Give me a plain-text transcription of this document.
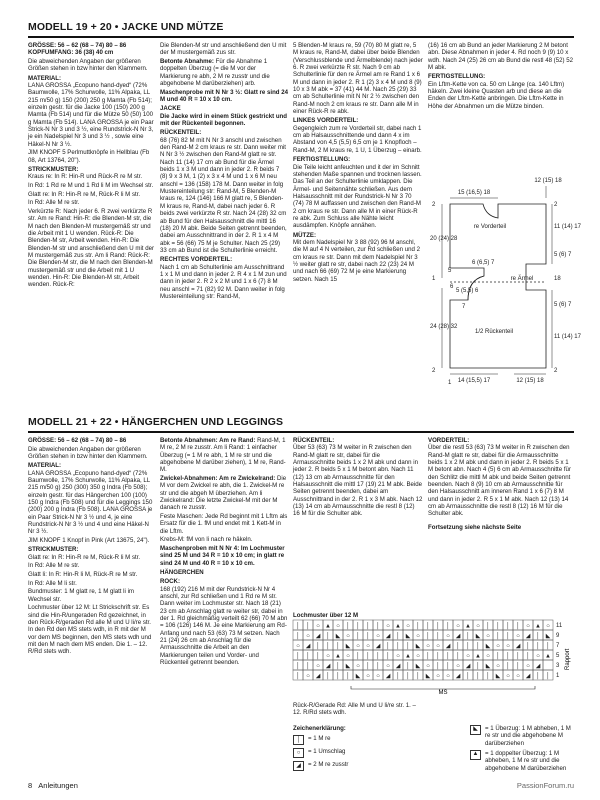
MODELL 19 + 20 • JACKE UND MÜTZE

GRÖSSE: 56 – 62 (68 – 74) 80 – 86
KOPFUMFANG: 36 (38) 40 cm

Die abweichenden Angaben der größeren Größen stehen in bzw hinter den Klammern.

MATERIAL:

LANA GROSSA „Ecopuno hand-dyed“ (72% Baumwolle, 17% Schurwolle, 11% Alpaka, LL 215 m/50 g) 150 (200) 250 g Mamta (Fb 514); einzeln gestr. für die Jacke 100 (150) 200 g Mamta (Fb 514) und für die Mütze 50 (50) 100 g Mamta (Fb 514). LANA GROSSA je ein Paar Strick-N Nr 3 und 3 ½, eine Rundstrick-N Nr 3, je ein Nadelspiel Nr 3 und 3 ½ , sowie eine Häkel-N Nr 3 ½.

JIM KNOPF 5 Perlmuttknöpfe in Hellblau (Fb 08, Art 13764, 20").

STRICKMUSTER:

Kraus re: In R: Hin-R und Rück-R re M str.

In Rd: 1 Rd re M und 1 Rd li M im Wechsel str.

Glatt re: In R: Hin-R re M, Rück-R li M str.

In Rd: Alle M re str.

Verkürzte R: Nach jeder 6. R zwei verkürzte R str. Am re Rand: Hin-R: die Blenden-M str, die M nach den Blenden-M mustergemäß str und die Arbeit mit 1 U wenden. Rück-R: Die Blenden-M str, Arbeit wenden. Hin-R: Die Blenden-M str und anschließend den U mit der M mustergemäß zus str. Am li Rand: Rück-R: Die Blenden-M str, die M nach den Blenden-M mustergemäß str und die Arbeit mit 1 U wenden. Hin-R: Die Blenden-M str, Arbeit wenden. Rück-R:

Die Blenden-M str und anschließend den U mit der M mustergemäß zus str.

Betonte Abnahme: Für die Abnahme 1 doppelten Überzug (= die M vor der Markierung re abh, 2 M re zusstr und die abgehobene M darüberziehen) arb.

Maschenprobe mit N Nr 3 ½: Glatt re sind 24 M und 40 R = 10 x 10 cm.

JACKE

Die Jacke wird in einem Stück gestrickt und mit der Rückenteil begonnen.

RÜCKENTEIL:

68 (76) 82 M mit N Nr 3 anschl und zwischen den Rand-M 2 cm kraus re str. Dann weiter mit N Nr 3 ½ zwischen den Rand-M glatt re str. Nach 11 (14) 17 cm ab Bund für die Ärmel beids 1 x 3 M und dann in jeder 2. R beids 7 (8) 9 x 3 M, 1 (2) x 3 x 4 M und 1 x 6 M neu anschl = 136 (158) 178 M. Dann weiter in folg Mustereinteilung str: Rand-M, 5 Blenden-M kraus re, 124 (146) 166 M glatt re, 5 Blenden-M kraus re, Rand-M, dabei nach jeder 6. R beids zwei verkürzte R str. Nach 24 (28) 32 cm ab Bund für den Halsausschnitt die mittl 16 (18) 20 M abk. Beide Seiten getrennt beenden, dabei am Ausschnittrand in der 2. R 1 x 4 M abk = 56 (66) 75 M je Schulter. Nach 25 (29) 33 cm ab Bund ist die Schulterlinie erreicht.

RECHTES VORDERTEIL:

Nach 1 cm ab Schulterlinie am Ausschnittrand 1 x 1 M und dann in jeder 2. R 4 x 1 M zun und dann in jeder 2. R 2 x 2 M und 1 x 6 (7) 8 M neu anschl = 71 (82) 92 M. Dann weiter in folg Mustereinteilung str: Rand-M,

5 Blenden-M kraus re, 59 (70) 80 M glatt re, 5 M kraus re, Rand-M, dabei über beide Blenden (Verschlussblende und Ärmelblende) nach jeder 6. R zwei verkürzte R str. Nach 9 cm ab Schulterlinie für den re Ärmel am re Rand 1 x 6 M und dann in jeder 2. R 1 (2) 3 x 4 M und 8 (9) 10 x 3 M abk = 37 (41) 44 M. Nach 25 (29) 33 cm ab Schulterlinie mit N Nr 2 ½ zwischen den Rand-M noch 2 cm kraus re str. Dann alle M in einer Rück-R re abk.

LINKES VORDERTEIL:

Gegengleich zum re Vorderteil str, dabei nach 1 cm ab Halsausschnittende und dann 4 x im Abstand von 4,5 (5,5) 6,5 cm je 1 Knopfloch – Rand-M, 2 M kraus re, 1 U, 1 Überzug – einarb.

FERTIGSTELLUNG:

Die Teile leicht anfeuchten und it der im Schnitt stehenden Maße spannen und trocknen lassen. Das Teil an der Schulterlinie umklappen. Die Ärmel- und Seitennähte schließen. Aus dem Halsausschnitt mit der Rundstrick-N Nr 3 70 (74) 78 M auffassen und zwischen den Rand-M 2 cm kraus re str. Dann alle M in einer Rück-R re abk. Zum Schluss alle Nähte leicht ausdämpfen. Knöpfe annähen.

MÜTZE:

Mit dem Nadelspiel Nr 3 88 (92) 96 M anschl, die M auf 4 N verteilen, zur Rd schließen und 2 cm kraus re str. Dann mit dem Nadelspiel Nr 3 ½ weiter glatt re str, dabei nach 22 (23) 24 M und nach 66 (69) 72 M je eine Markierung setzen. Nach 15

(16) 16 cm ab Bund an jeder Markierung 2 M betont abn. Diese Abnahmen in jeder 4. Rd noch 9 (9) 10 x wdh. Nach 24 (25) 26 cm ab Bund die restl 48 (52) 52 M abk.

FERTIGSTELLUNG:

Ein Lftm-Kette von ca. 50 cm Länge (ca. 140 Lftm) häkeln. Zwei kleine Quasten arb und diese an die Enden der Lftm-Kette anbringen. Die Lftm-Kette in Höhe der Abnahmen um die Mütze binden.

re Vorderteil
re Ärmel
1/2 Rückenteil
15 (16,5) 18
12 (15) 18
14 (15,5) 17	12 (15) 18
20 (24) 28
24 (28) 32
11 (14) 17
11 (14) 17
6 (6,5) 7
5 (5,5) 6
5 (6) 7
18
5 (6) 7
2	2
2	2
1
1
5
6
7
MODELL 21 + 22 • HÄNGERCHEN UND LEGGINGS

GRÖSSE: 56 – 62 (68 – 74) 80 – 86

Die abweichenden Angaben der größeren Größen stehen in bzw hinter den Klammern.

MATERIAL:

LANA GROSSA „Ecopuno hand-dyed“ (72% Baumwolle, 17% Schurwolle, 11% Alpaka, LL 215 m/50 g) 250 (300) 350 g Indra (Fb 508); einzeln gestr. für das Hängerchen 100 (100) 150 g Indra (Fb 508) und für die Leggings 150 (200) 200 g Indra (Fb 508). LANA GROSSA je ein Paar Strick-N Nr 3 ½ und 4, je eine Rundstrick-N Nr 3 ½ und 4 und eine Häkel-N Nr 3 ½.

JIM KNOPF 1 Knopf in Pink (Art 13675, 24").

STRICKMUSTER:

Glatt re: In R: Hin-R re M, Rück-R li M str.

In Rd: Alle M re str.

Glatt li: In R: Hin-R li M, Rück-R re M str.

In Rd: Alle M li str.

Bundmuster: 1 M glatt re, 1 M glatt li im Wechsel str.

Lochmuster über 12 M: Lt Strickschrift str. Es sind die Hin-R/ungeraden Rd gezeichnet, in den Rück-R/geraden Rd alle M und U li/re str. In den Rd den MS stets wdh, in R mit der M vor dem MS beginnen, den MS stets wdh und mit den M nach dem MS enden. Die 1. – 12. R/Rd stets wdh.

Betonte Abnahmen: Am re Rand: Rand-M, 1 M re, 2 M re zusstr. Am li Rand: 1 einfacher Überzug (= 1 M re abh, 1 M re str und die abgehobene M darüber ziehen), 1 M re, Rand-M.

Zwickel-Abnahmen: Am re Zwickelrand: Die M vor dem Zwickel re abh, die 1. Zwickel-M re str und die abgeh M überziehen. Am li Zwickelrand: Die letzte Zwickel-M mit der M danach re zusstr.

Feste Maschen: Jede Rd beginnt mit 1 Lftm als Ersatz für die 1. fM und endet mit 1 Kett-M in die Lftm.

Krebs-M: fM von li nach re häkeln.

Maschenproben mit N Nr 4: Im Lochmuster sind 25 M und 34 R = 10 x 10 cm; in glatt re sind 24 M und 40 R = 10 x 10 cm.

HÄNGERCHEN
ROCK:

168 (192) 216 M mit der Rundstrick-N Nr 4 anschl, zur Rd schließen und 1 Rd re M str. Dann weiter im Lochmuster str. Nach 18 (21) 23 cm ab Anschlag glatt re weiter str, dabei in der 1. Rd gleichmäßig verteilt 62 (66) 70 M abn = 106 (126) 146 M. Je eine Markierung am Rd-Anfang und nach 53 (63) 73 M setzen. Nach 21 (24) 26 cm ab Anschlag für die Armausschnitte die Arbeit an den Markierungen teilen und Vorder- und Rückenteil getrennt beenden.

RÜCKENTEIL:

Über 53 (63) 73 M weiter in R zwischen den Rand-M glatt re str, dabei für die Armausschnitte beids 1 x 2 M abk und dann in jeder 2. R beids 5 x 1 M betont abn. Nach 11 (12) 13 cm ab Armausschnitte für den Halsausschnitt die mittl 17 (19) 21 M abk. Beide Seiten getrennt beenden, dabei am Ausschnittrand in der 2. R 1 x 3 M abk. Nach 12 (13) 14 cm ab Armausschnitte die restl 8 (12) 16 M für die Schulter abk.

VORDERTEIL:

Über die restl 53 (63) 73 M weiter in R zwischen den Rand-M glatt re str, dabei für die Armausschnitte beids 1 x 2 M abk und dann in jeder 2. R beids 5 x 1 M betont abn. Nach 4 (5) 6 cm ab Armausschnitte für den Schlitz die mittl M abk und beide Seiten getrennt beenden. Nach 8 (9) 10 cm ab Armausschnitte für den Halsausschnitt am inneren Rand 1 x 6 (7) 8 M und dann in jeder 2. R 5 x 1 M abk. Nach 12 (13) 14 cm ab Armausschnitte die restl 8 (12) 16 M für die Schulter abk.

Fortsetzung siehe nächste Seite

Lochmuster über 12 M
│ │ ○ ▲ ○ │ │ │ │ ○ ▲ ○ │ │ │ │ ○ ▲ ○ │ │ │ │ ○ ▲ ○
│ ○ ◢ │ ◣ ○ │ │ ○ ◢ │ ◣ ○ │ │ ○ ◢ │ ◣ ○ │ │ ○ ◢ │ ◣
○ ◢ │ │ │ ◣ ○ ○ ◢ │ │ │ ◣ ○ ○ ◢ │ │ │ ◣ ○ ○ ◢ │ │ │
│ │ │ ○ ▲ ○ │ │ │ │ ○ ▲ ○ │ │ │ │ ○ ▲ ○ │ │ │ │ ○ ▲
│ │ ○ ◢ │ ◣ ○ │ │ ○ ◢ │ ◣ ○ │ │ ○ ◢ │ ◣ ○ │ │ ○ ◢
│ ○ ◢ │ │ │ ◣ ○ ○ ◢ │ │ │ ◣ ○ ○ ◢ │ │ │ ◣ ○ ○ ◢ │ │
MS
11
9
7
5
3
1
Rapport
Rück-R/Gerade Rd: Alle M und U li/re str. 1. – 12. R/Rd stets wdh.
Zeichenerklärung:
│	= 1 M re
○	= 1 Umschlag
◢	= 2 M re zusstr
◣	= 1 Überzug: 1 M abheben, 1 M re str und die abgehobene M darüberziehen
▲	= 1 doppelter Überzug: 1 M abheben, 1 M re str und die abgehobene M darüberziehen
8 Anleitungen	PassionForum.ru
